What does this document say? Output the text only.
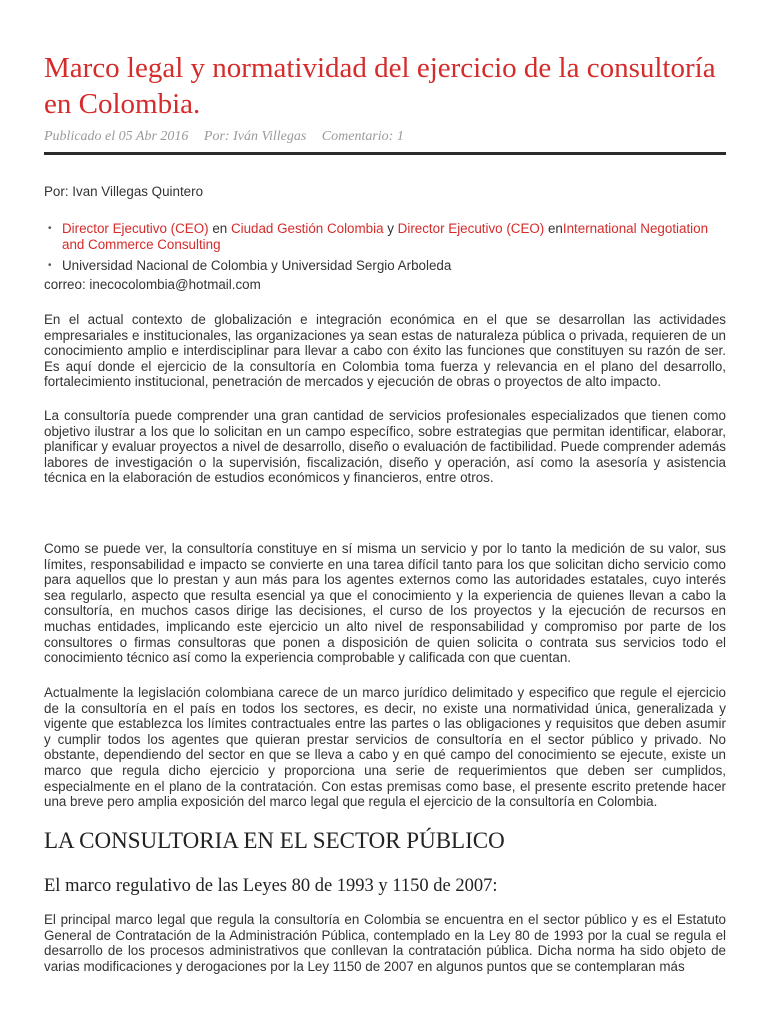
Marco legal y normatividad del ejercicio de la consultoría en Colombia.
Publicado el 05 Abr 2016 Por: Iván Villegas Comentario: 1
Por: Ivan Villegas Quintero
• Director Ejecutivo (CEO) en Ciudad Gestión Colombia y Director Ejecutivo (CEO) enInternational Negotiation and Commerce Consulting
• Universidad Nacional de Colombia y Universidad Sergio Arboleda
correo: inecocolombia@hotmail.com

En el actual contexto de globalización e integración económica en el que se desarrollan las actividades empresariales e institucionales, las organizaciones ya sean estas de naturaleza pública o privada, requieren de un conocimiento amplio e interdisciplinar para llevar a cabo con éxito las funciones que constituyen su razón de ser. Es aquí donde el ejercicio de la consultoría en Colombia toma fuerza y relevancia en el plano del desarrollo, fortalecimiento institucional, penetración de mercados y ejecución de obras o proyectos de alto impacto.

La consultoría puede comprender una gran cantidad de servicios profesionales especializados que tienen como objetivo ilustrar a los que lo solicitan en un campo específico, sobre estrategias que permitan identificar, elaborar, planificar y evaluar proyectos a nivel de desarrollo, diseño o evaluación de factibilidad. Puede comprender además labores de investigación o la supervisión, fiscalización, diseño y operación, así como la asesoría y asistencia técnica en la elaboración de estudios económicos y financieros, entre otros.

Como se puede ver, la consultoría constituye en sí misma un servicio y por lo tanto la medición de su valor, sus límites, responsabilidad e impacto se convierte en una tarea difícil tanto para los que solicitan dicho servicio como para aquellos que lo prestan y aun más para los agentes externos como las autoridades estatales, cuyo interés sea regularlo, aspecto que resulta esencial ya que el conocimiento y la experiencia de quienes llevan a cabo la consultoría, en muchos casos dirige las decisiones, el curso de los proyectos y la ejecución de recursos en muchas entidades, implicando este ejercicio un alto nivel de responsabilidad y compromiso por parte de los consultores o firmas consultoras que ponen a disposición de quien solicita o contrata sus servicios todo el conocimiento técnico así como la experiencia comprobable y calificada con que cuentan.

Actualmente la legislación colombiana carece de un marco jurídico delimitado y especifico que regule el ejercicio de la consultoría en el país en todos los sectores, es decir, no existe una normatividad única, generalizada y vigente que establezca los límites contractuales entre las partes o las obligaciones y requisitos que deben asumir y cumplir todos los agentes que quieran prestar servicios de consultoría en el sector público y privado. No obstante, dependiendo del sector en que se lleva a cabo y en qué campo del conocimiento se ejecute, existe un marco que regula dicho ejercicio y proporciona una serie de requerimientos que deben ser cumplidos, especialmente en el plano de la contratación. Con estas premisas como base, el presente escrito pretende hacer una breve pero amplia exposición del marco legal que regula el ejercicio de la consultoría en Colombia.

LA CONSULTORIA EN EL SECTOR PÚBLICO
El marco regulativo de las Leyes 80 de 1993 y 1150 de 2007:

El principal marco legal que regula la consultoría en Colombia se encuentra en el sector público y es el Estatuto General de Contratación de la Administración Pública, contemplado en la Ley 80 de 1993 por la cual se regula el desarrollo de los procesos administrativos que conllevan la contratación pública. Dicha norma ha sido objeto de varias modificaciones y derogaciones por la Ley 1150 de 2007 en algunos puntos que se contemplaran más
